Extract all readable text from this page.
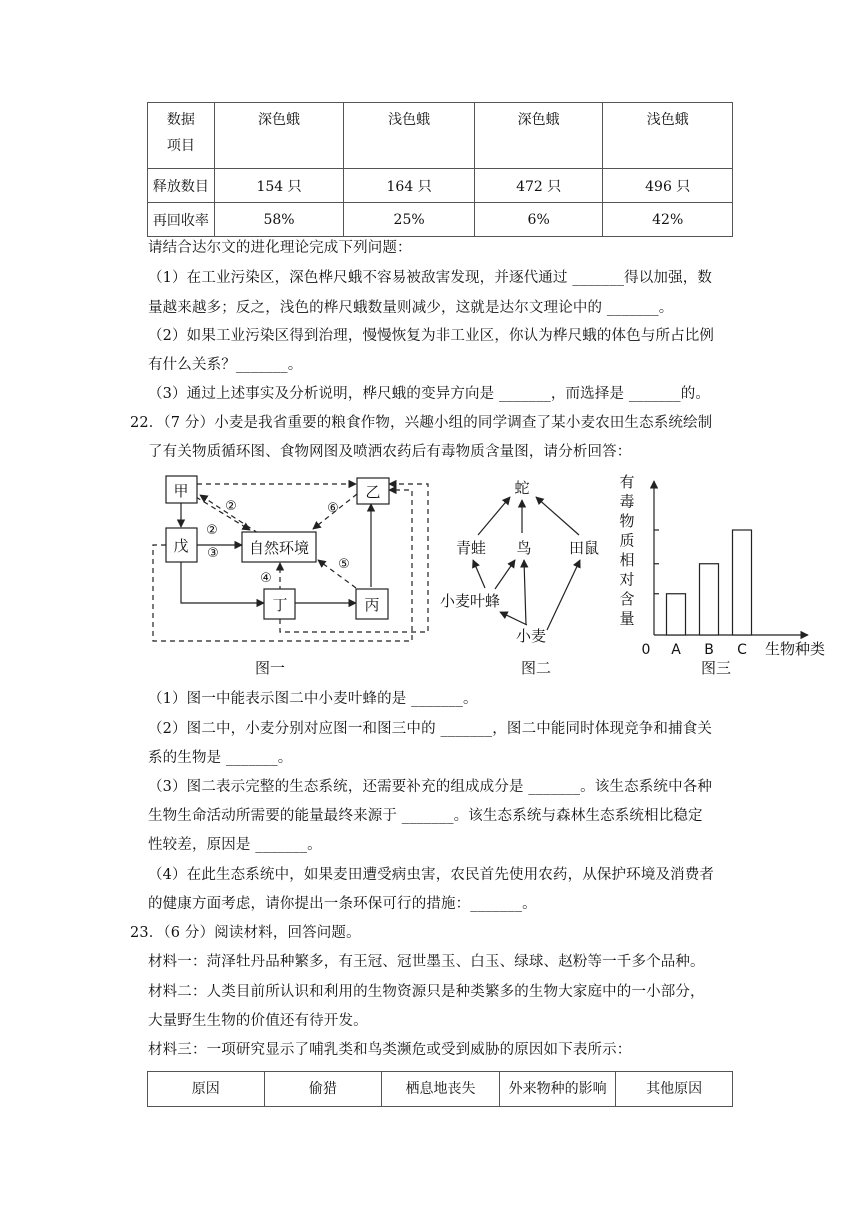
数据
项目	深色蛾	浅色蛾	深色蛾	浅色蛾
释放数目	154 只	164 只	472 只	496 只
再回收率	58%	25%	6%	42%
请结合达尔文的进化理论完成下列问题：
（1）在工业污染区，深色桦尺蛾不容易被敌害发现，并逐代通过 _______得以加强，数
量越来越多；反之，浅色的桦尺蛾数量则减少，这就是达尔文理论中的 _______。
（2）如果工业污染区得到治理，慢慢恢复为非工业区，你认为桦尺蛾的体色与所占比例
有什么关系？_______。
（3）通过上述事实及分析说明，桦尺蛾的变异方向是 _______，而选择是 _______的。
22．（7 分）小麦是我省重要的粮食作物，兴趣小组的同学调查了某小麦农田生态系统绘制
了有关物质循环图、食物网图及喷洒农药后有毒物质含量图，请分析回答：
甲
戊	自然环境
乙
丁	丙
②
②
③
④
⑤
⑥
图一
蛇
青蛙 鸟 田鼠
小麦叶蜂
小麦
图二
有
毒
物
质
相
对
含
量
A B C
0	生物种类
图三
（1）图一中能表示图二中小麦叶蜂的是 _______。
（2）图二中，小麦分别对应图一和图三中的 _______，图二中能同时体现竞争和捕食关
系的生物是 _______。
（3）图二表示完整的生态系统，还需要补充的组成成分是 _______。该生态系统中各种
生物生命活动所需要的能量最终来源于 _______。该生态系统与森林生态系统相比稳定
性较差，原因是 _______。
（4）在此生态系统中，如果麦田遭受病虫害，农民首先使用农药，从保护环境及消费者
的健康方面考虑，请你提出一条环保可行的措施：_______。
23．（6 分）阅读材料，回答问题。
材料一：菏泽牡丹品种繁多，有王冠、冠世墨玉、白玉、绿球、赵粉等一千多个品种。
材料二：人类目前所认识和利用的生物资源只是种类繁多的生物大家庭中的一小部分，
大量野生生物的价值还有待开发。
材料三：一项研究显示了哺乳类和鸟类濒危或受到威胁的原因如下表所示：
原因	偷猎	栖息地丧失	外来物种的影响	其他原因
